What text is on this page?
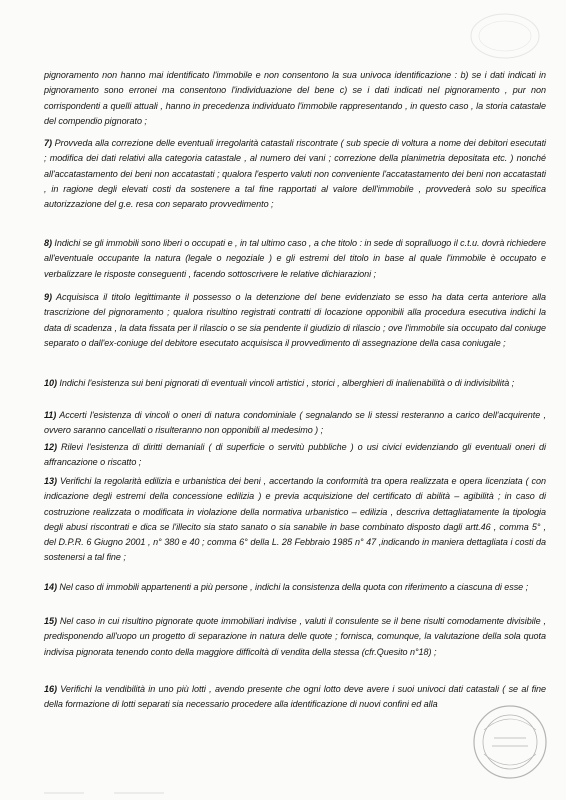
pignoramento non hanno mai identificato l'immobile e non consentono la sua univoca identificazione : b) se i dati indicati in pignoramento sono erronei ma consentono l'individuazione del bene c) se i dati indicati nel pignoramento , pur non corrispondenti a quelli attuali , hanno in precedenza individuato l'immobile rappresentando , in questo caso , la storia catastale del compendio pignorato ;
7) Provveda alla correzione delle eventuali irregolarità catastali riscontrate ( sub specie di voltura a nome dei debitori esecutati ; modifica dei dati relativi alla categoria catastale , al numero dei vani ; correzione della planimetria depositata etc. ) nonché all'accatastamento dei beni non accatastati ; qualora l'esperto valuti non conveniente l'accatastamento dei beni non accatastati , in ragione degli elevati costi da sostenere a tal fine rapportati al valore dell'immobile , provvederà solo su specifica autorizzazione del g.e. resa con separato provvedimento ;
8) Indichi se gli immobili sono liberi o occupati e , in tal ultimo caso , a che titolo : in sede di sopralluogo il c.t.u. dovrà richiedere all'eventuale occupante la natura (legale o negoziale ) e gli estremi del titolo in base al quale l'immobile è occupato e verbalizzare le risposte conseguenti , facendo sottoscrivere le relative dichiarazioni ;
9) Acquisisca il titolo legittimante il possesso o la detenzione del bene evidenziato se esso ha data certa anteriore alla trascrizione del pignoramento ; qualora risultino registrati contratti di locazione opponibili alla procedura esecutiva indichi la data di scadenza , la data fissata per il rilascio o se sia pendente il giudizio di rilascio ; ove l'immobile sia occupato dal coniuge separato o dall'ex-coniuge del debitore esecutato acquisisca il provvedimento di assegnazione della casa coniugale ;
10) Indichi l'esistenza sui beni pignorati di eventuali vincoli artistici , storici , alberghieri di inalienabilità o di indivisibilità ;
11) Accerti l'esistenza di vincoli o oneri di natura condominiale ( segnalando se li stessi resteranno a carico dell'acquirente , ovvero saranno cancellati o risulteranno non opponibili al medesimo ) ;
12) Rilevi l'esistenza di diritti demaniali ( di superficie o servitù pubbliche ) o usi civici evidenziando gli eventuali oneri di affrancazione o riscatto ;
13) Verifichi la regolarità edilizia e urbanistica dei beni , accertando la conformità tra opera realizzata e opera licenziata ( con indicazione degli estremi della concessione edilizia ) e previa acquisizione del certificato di abilità – agibilità ; in caso di costruzione realizzata o modificata in violazione della normativa urbanistico – edilizia , descriva dettagliatamente la tipologia degli abusi riscontrati e dica se l'illecito sia stato sanato o sia sanabile in base combinato disposto dagli artt.46 , comma 5° , del D.P.R. 6 Giugno 2001 , n° 380 e 40 ; comma 6° della L. 28 Febbraio 1985 n° 47 ,indicando in maniera dettagliata i costi da sostenersi a tal fine ;
14) Nel caso di immobili appartenenti a più persone , indichi la consistenza della quota con riferimento a ciascuna di esse ;
15) Nel caso in cui risultino pignorate quote immobiliari indivise , valuti il consulente se il bene risulti comodamente divisibile , predisponendo all'uopo un progetto di separazione in natura delle quote ; fornisca, comunque, la valutazione della sola quota indivisa pignorata tenendo conto della maggiore difficoltà di vendita della stessa (cfr.Quesito n°18) ;
16) Verifichi la vendibilità in uno più lotti , avendo presente che ogni lotto deve avere i suoi univoci dati catastali ( se al fine della formazione di lotti separati sia necessario procedere alla identificazione di nuovi confini ed alla
